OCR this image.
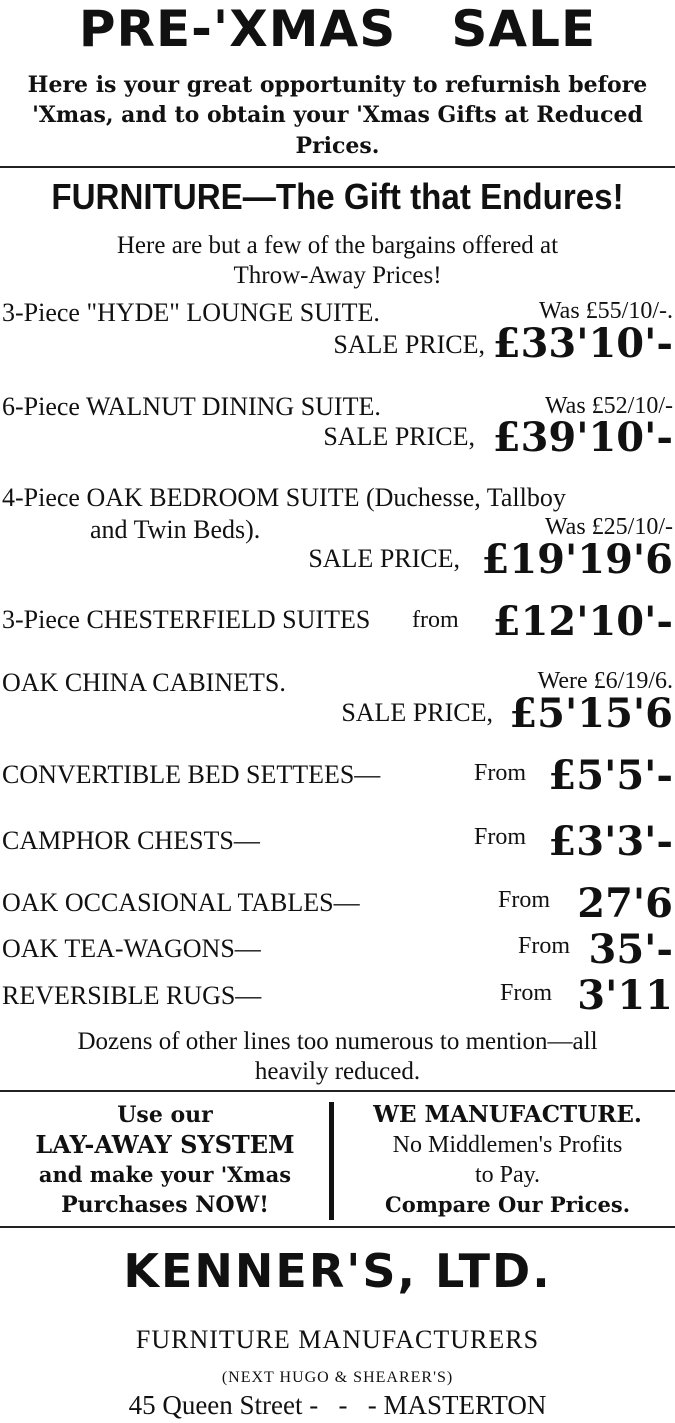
PRE-'XMAS   SALE
Here is your great opportunity to refurnish before
'Xmas, and to obtain your 'Xmas Gifts at Reduced
Prices.
FURNITURE—The Gift that Endures!
Here are but a few of the bargains offered at
Throw-Away Prices!
3-Piece "HYDE" LOUNGE SUITE.	Was £55/10/-.
SALE PRICE, £33'10'-
6-Piece WALNUT DINING SUITE.	Was £52/10/-
SALE PRICE, £39'10'-
4-Piece OAK BEDROOM SUITE (Duchesse, Tallboy
and Twin Beds).	Was £25/10/-
SALE PRICE, £19'19'6
3-Piece CHESTERFIELD SUITES from £12'10'-
OAK CHINA CABINETS.	Were £6/19/6.
SALE PRICE, £5'15'6
CONVERTIBLE BED SETTEES—	From £5'5'-
CAMPHOR CHESTS—	From £3'3'-
OAK OCCASIONAL TABLES—	From 27'6
OAK TEA-WAGONS—	From 35'-
REVERSIBLE RUGS—	From 3'11
Dozens of other lines too numerous to mention—all
heavily reduced.
Use our
LAY-AWAY SYSTEM
and make your 'Xmas
Purchases NOW!
WE MANUFACTURE.
No Middlemen's Profits
to Pay.
Compare Our Prices.
KENNER'S, LTD.
FURNITURE MANUFACTURERS
(NEXT HUGO & SHEARER'S)
45 Queen Street -   -   - MASTERTON
